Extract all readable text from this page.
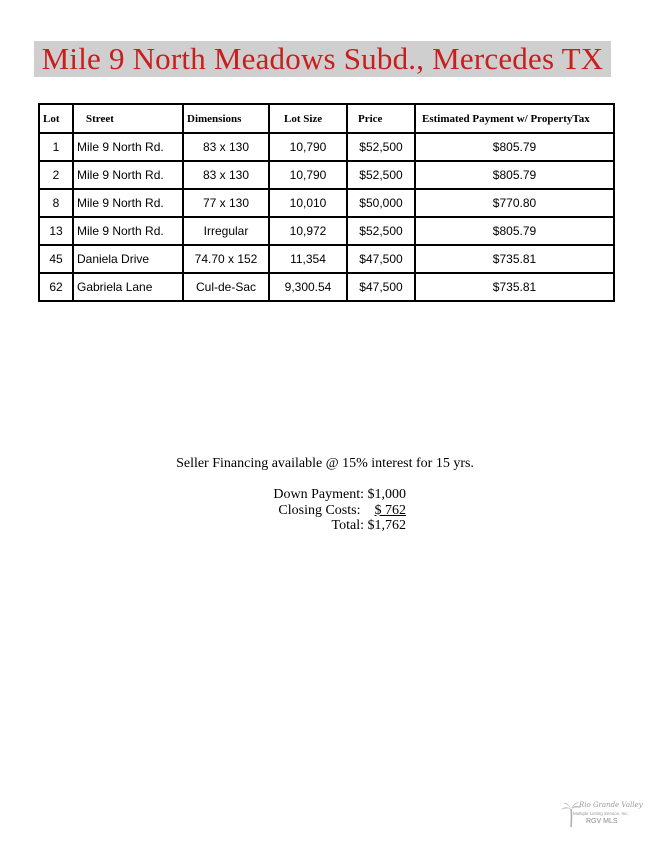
Mile 9 North Meadows Subd., Mercedes TX
Lot	Street	Dimensions	Lot Size	Price	Estimated Payment w/ PropertyTax
1	Mile 9 North Rd.	83 x 130	10,790	$52,500	$805.79
2	Mile 9 North Rd.	83 x 130	10,790	$52,500	$805.79
8	Mile 9 North Rd.	77 x 130	10,010	$50,000	$770.80
13	Mile 9 North Rd.	Irregular	10,972	$52,500	$805.79
45	Daniela Drive	74.70 x 152	11,354	$47,500	$735.81
62	Gabriela Lane	Cul-de-Sac	9,300.54	$47,500	$735.81
Seller Financing available @ 15% interest for 15 yrs.
Down Payment: $1,000
Closing Costs: $ 762
Total: $1,762
Rio Grande Valley
Multiple Listing Service, Inc.
RGV MLS
